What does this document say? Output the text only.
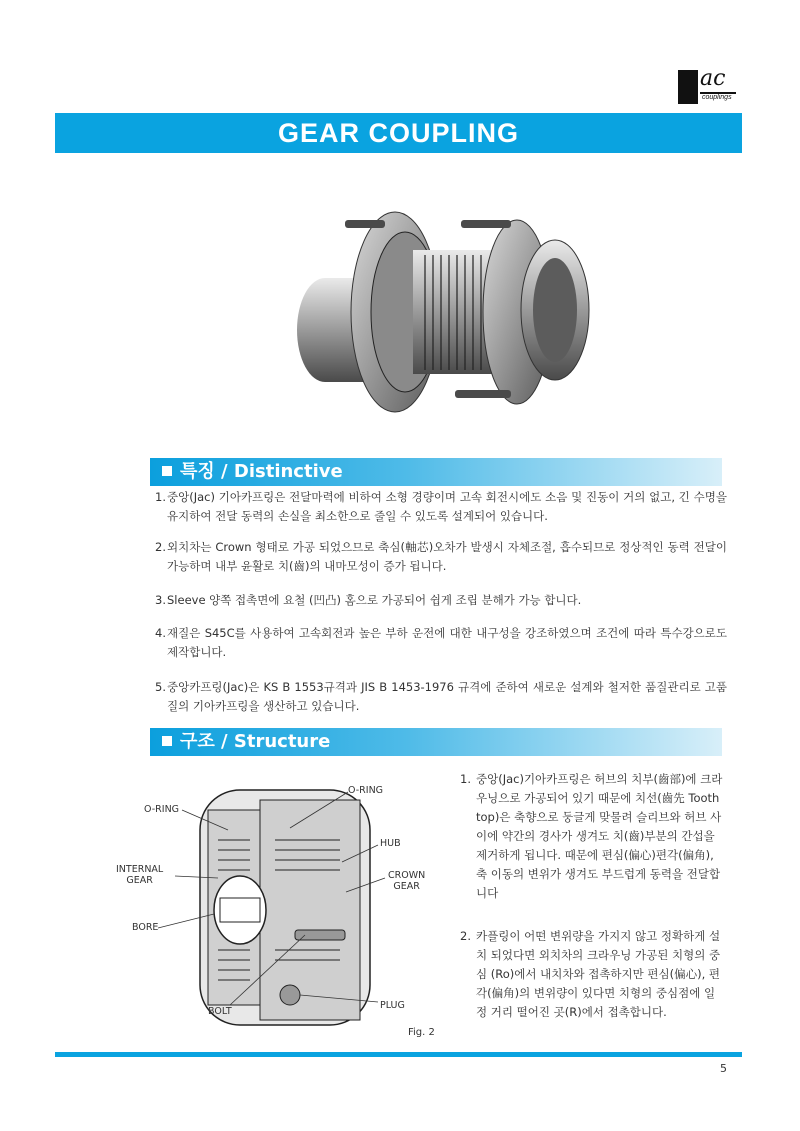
ac
couplings
GEAR COUPLING
특징 / Distinctive
1. 중앙(Jac) 기아카프링은 전달마력에 비하여 소형 경량이며 고속 회전시에도 소음 및 진동이 거의 없고, 긴 수명을 유지하여 전달 동력의 손실을 최소한으로 줄일 수 있도록 설계되어 있습니다.
2. 외치차는 Crown 형태로 가공 되었으므로 축심(軸芯)오차가 발생시 자체조절, 흡수되므로 정상적인 동력 전달이 가능하며 내부 윤활로 치(齒)의 내마모성이 증가 됩니다.
3. Sleeve 양쪽 접촉면에 요철 (凹凸) 홈으로 가공되어 쉽게 조립 분해가 가능 합니다.
4. 재질은 S45C를 사용하여 고속회전과 높은 부하 운전에 대한 내구성을 강조하였으며 조건에 따라 특수강으로도 제작합니다.
5. 중앙카프링(Jac)은 KS B 1553규격과 JIS B 1453-1976 규격에 준하여 새로운 설계와 철저한 품질관리로 고품질의 기아카프링을 생산하고 있습니다.
구조 / Structure
O-RING
O-RING
HUB
INTERNAL
GEAR	CROWN
GEAR
BORE
BOLT
PLUG
Fig. 2
1. 중앙(Jac)기아카프링은 허브의 치부(齒部)에 크라우닝으로 가공되어 있기 때문에 치선(齒先 Tooth top)은 축향으로 둥글게 맞물려 슬리브와 허브 사이에 약간의 경사가 생겨도 치(齒)부분의 간섭을 제거하게 됩니다. 때문에 편심(偏心)편각(偏角), 축 이동의 변위가 생겨도 부드럽게 동력을 전달합니다
2. 카플링이 어떤 변위량을 가지지 않고 정확하게 설치 되었다면 외치차의 크라우닝 가공된 치형의 중심 (Ro)에서 내치차와 접촉하지만 편심(偏心), 편각(偏角)의 변위량이 있다면 치형의 중심점에 일정 거리 떨어진 곳(R)에서 접촉합니다.
5
